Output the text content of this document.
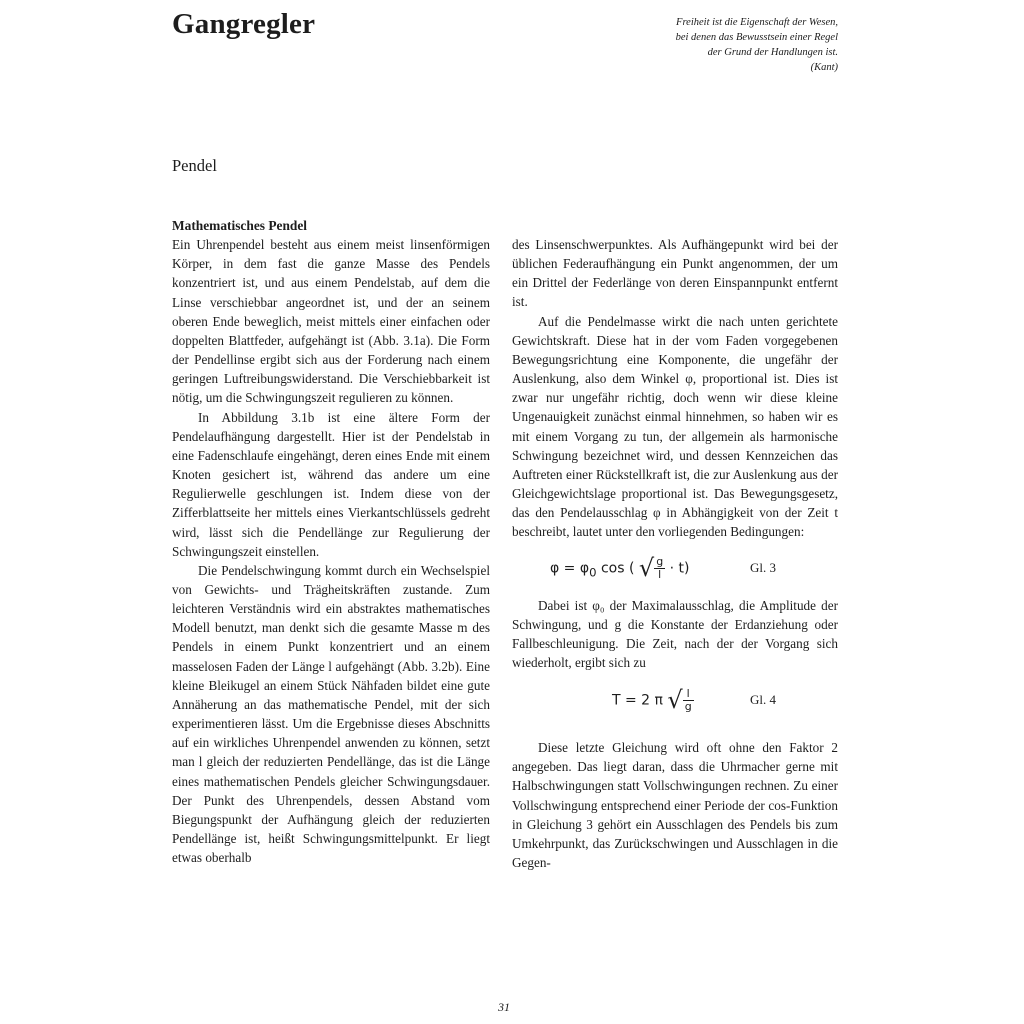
Gangregler	Freiheit ist die Eigenschaft der Wesen,
bei denen das Bewusstsein einer Regel
der Grund der Handlungen ist.
(Kant)
Pendel
Mathematisches Pendel

Ein Uhrenpendel besteht aus einem meist linsenförmigen Körper, in dem fast die ganze Masse des Pendels konzentriert ist, und aus einem Pendelstab, auf dem die Linse verschiebbar angeordnet ist, und der an seinem oberen Ende beweglich, meist mittels einer einfachen oder doppelten Blattfeder, aufgehängt ist (Abb. 3.1a). Die Form der Pendellinse ergibt sich aus der Forderung nach einem geringen Luftreibungswiderstand. Die Verschiebbarkeit ist nötig, um die Schwingungszeit regulieren zu können.

In Abbildung 3.1b ist eine ältere Form der Pendelaufhängung dargestellt. Hier ist der Pendelstab in eine Fadenschlaufe eingehängt, deren eines Ende mit einem Knoten gesichert ist, während das andere um eine Regulierwelle geschlungen ist. Indem diese von der Zifferblattseite her mittels eines Vierkantschlüssels gedreht wird, lässt sich die Pendellänge zur Regulierung der Schwingungszeit einstellen.

Die Pendelschwingung kommt durch ein Wechselspiel von Gewichts- und Trägheitskräften zustande. Zum leichteren Verständnis wird ein abstraktes mathematisches Modell benutzt, man denkt sich die gesamte Masse m des Pendels in einem Punkt konzentriert und an einem masselosen Faden der Länge l aufgehängt (Abb. 3.2b). Eine kleine Bleikugel an einem Stück Nähfaden bildet eine gute Annäherung an das mathematische Pendel, mit der sich experimentieren lässt. Um die Ergebnisse dieses Abschnitts auf ein wirkliches Uhrenpendel anwenden zu können, setzt man l gleich der reduzierten Pendellänge, das ist die Länge eines mathematischen Pendels gleicher Schwingungsdauer. Der Punkt des Uhrenpendels, dessen Abstand vom Biegungspunkt der Aufhängung gleich der reduzierten Pendellänge ist, heißt Schwingungsmittelpunkt. Er liegt etwas oberhalb

des Linsenschwerpunktes. Als Aufhängepunkt wird bei der üblichen Federaufhängung ein Punkt angenommen, der um ein Drittel der Federlänge von deren Einspannpunkt entfernt ist.

Auf die Pendelmasse wirkt die nach unten gerichtete Gewichtskraft. Diese hat in der vom Faden vorgegebenen Bewegungsrichtung eine Komponente, die ungefähr der Auslenkung, also dem Winkel φ, proportional ist. Dies ist zwar nur ungefähr richtig, doch wenn wir diese kleine Ungenauigkeit zunächst einmal hinnehmen, so haben wir es mit einem Vorgang zu tun, der allgemein als harmonische Schwingung bezeichnet wird, und dessen Kennzeichen das Auftreten einer Rückstellkraft ist, die zur Auslenkung aus der Gleichgewichtslage proportional ist. Das Bewegungsgesetz, das den Pendelausschlag φ in Abhängigkeit von der Zeit t beschreibt, lautet unter den vorliegenden Bedingungen:

$\varphi = \varphi_0$ cos ( √ $\frac{g}{l} \cdot t$)	Gl. 3

Dabei ist φ₀ der Maximalausschlag, die Amplitude der Schwingung, und g die Konstante der Erdanziehung oder Fallbeschleunigung. Die Zeit, nach der der Vorgang sich wiederholt, ergibt sich zu

T = 2 π √ $\frac{l}{g}$	Gl. 4

Diese letzte Gleichung wird oft ohne den Faktor 2 angegeben. Das liegt daran, dass die Uhrmacher gerne mit Halbschwingungen statt Vollschwingungen rechnen. Zu einer Vollschwingung entsprechend einer Periode der cos-Funktion in Gleichung 3 gehört ein Ausschlagen des Pendels bis zum Umkehrpunkt, das Zurückschwingen und Ausschlagen in die Gegen-

31
